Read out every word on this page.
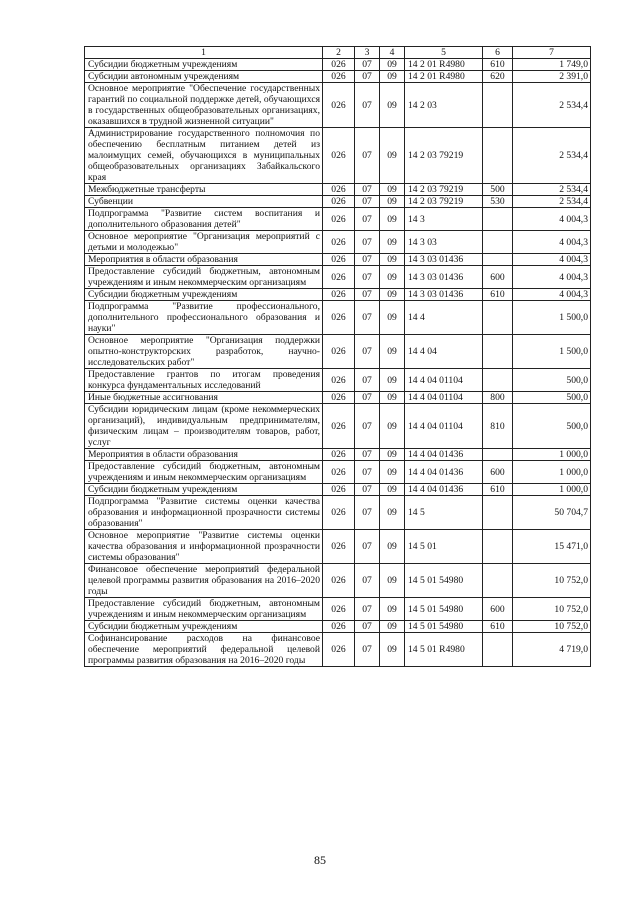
1	2	3	4	5	6	7
Субсидии бюджетным учреждениям	026	07	09	14 2 01 R4980	610	1 749,0
Субсидии автономным учреждениям	026	07	09	14 2 01 R4980	620	2 391,0
Основное мероприятие "Обеспечение государственных гарантий по социальной поддержке детей, обучающихся в государственных общеобразовательных организациях, оказавшихся в трудной жизненной ситуации"	026	07	09	14 2 03		2 534,4
Администрирование государственного полномочия по обеспечению бесплатным питанием детей из малоимущих семей, обучающихся в муниципальных общеобразовательных организациях Забайкальского края	026	07	09	14 2 03 79219		2 534,4
Межбюджетные трансферты	026	07	09	14 2 03 79219	500	2 534,4
Субвенции	026	07	09	14 2 03 79219	530	2 534,4
Подпрограмма "Развитие систем воспитания и дополнительного образования детей"	026	07	09	14 3		4 004,3
Основное мероприятие "Организация мероприятий с детьми и молодежью"	026	07	09	14 3 03		4 004,3
Мероприятия в области образования	026	07	09	14 3 03 01436		4 004,3
Предоставление субсидий бюджетным, автономным учреждениям и иным некоммерческим организациям	026	07	09	14 3 03 01436	600	4 004,3
Субсидии бюджетным учреждениям	026	07	09	14 3 03 01436	610	4 004,3
Подпрограмма "Развитие профессионального, дополнительного профессионального образования и науки"	026	07	09	14 4		1 500,0
Основное мероприятие "Организация поддержки опытно-конструкторских разработок, научно-исследовательских работ"	026	07	09	14 4 04		1 500,0
Предоставление грантов по итогам проведения конкурса фундаментальных исследований	026	07	09	14 4 04 01104		500,0
Иные бюджетные ассигнования	026	07	09	14 4 04 01104	800	500,0
Субсидии юридическим лицам (кроме некоммерческих организаций), индивидуальным предпринимателям, физическим лицам – производителям товаров, работ, услуг	026	07	09	14 4 04 01104	810	500,0
Мероприятия в области образования	026	07	09	14 4 04 01436		1 000,0
Предоставление субсидий бюджетным, автономным учреждениям и иным некоммерческим организациям	026	07	09	14 4 04 01436	600	1 000,0
Субсидии бюджетным учреждениям	026	07	09	14 4 04 01436	610	1 000,0
Подпрограмма "Развитие системы оценки качества образования и информационной прозрачности системы образования"	026	07	09	14 5		50 704,7
Основное мероприятие "Развитие системы оценки качества образования и информационной прозрачности системы образования"	026	07	09	14 5 01		15 471,0
Финансовое обеспечение мероприятий федеральной целевой программы развития образования на 2016–2020 годы	026	07	09	14 5 01 54980		10 752,0
Предоставление субсидий бюджетным, автономным учреждениям и иным некоммерческим организациям	026	07	09	14 5 01 54980	600	10 752,0
Субсидии бюджетным учреждениям	026	07	09	14 5 01 54980	610	10 752,0
Софинансирование расходов на финансовое обеспечение мероприятий федеральной целевой программы развития образования на 2016–2020 годы	026	07	09	14 5 01 R4980		4 719,0
85
